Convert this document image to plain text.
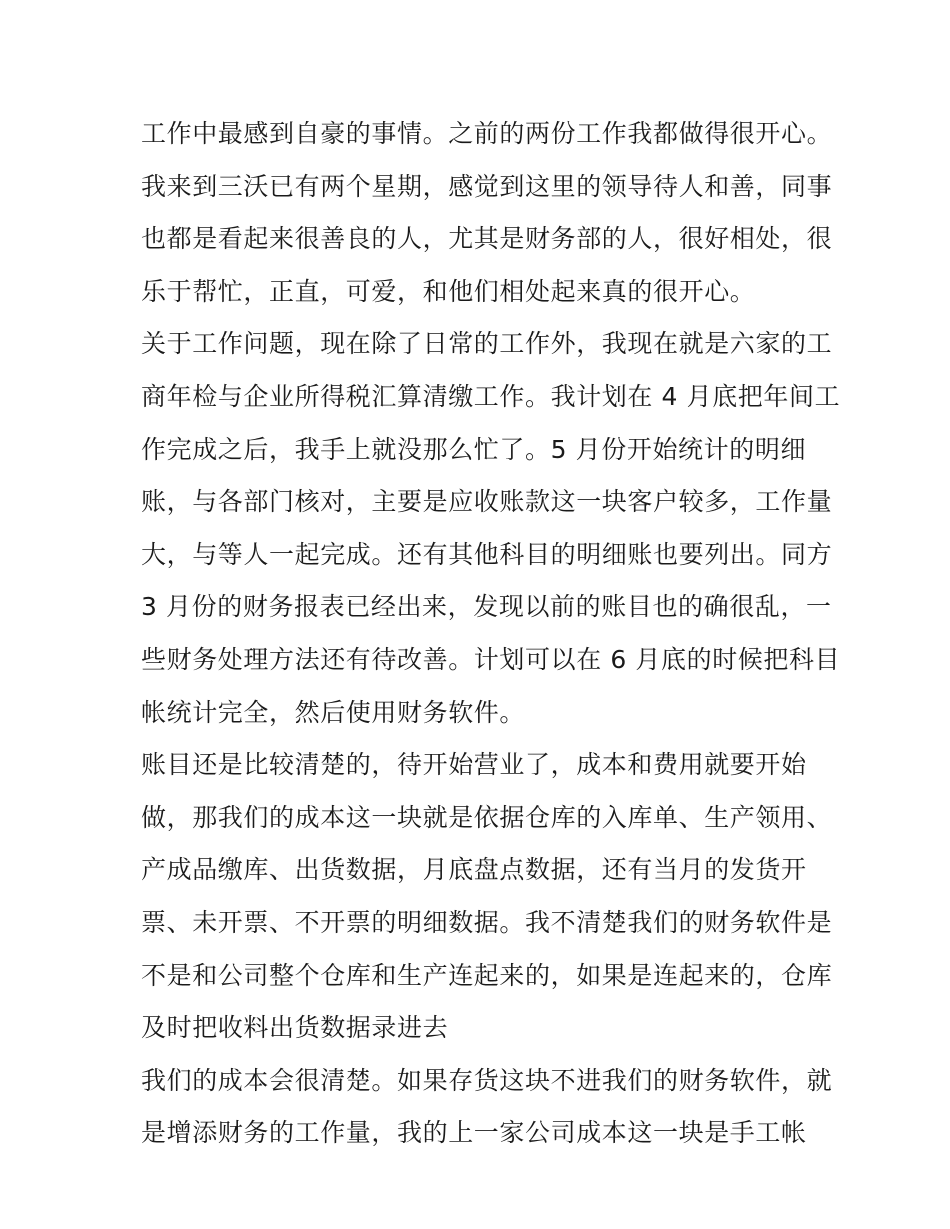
工作中最感到自豪的事情。之前的两份工作我都做得很开心。
我来到三沃已有两个星期，感觉到这里的领导待人和善，同事
也都是看起来很善良的人，尤其是财务部的人，很好相处，很
乐于帮忙，正直，可爱，和他们相处起来真的很开心。
关于工作问题，现在除了日常的工作外，我现在就是六家的工
商年检与企业所得税汇算清缴工作。我计划在 4 月底把年间工
作完成之后，我手上就没那么忙了。5 月份开始统计的明细
账，与各部门核对，主要是应收账款这一块客户较多，工作量
大，与等人一起完成。还有其他科目的明细账也要列出。同方
3 月份的财务报表已经出来，发现以前的账目也的确很乱，一
些财务处理方法还有待改善。计划可以在 6 月底的时候把科目
帐统计完全，然后使用财务软件。
账目还是比较清楚的，待开始营业了，成本和费用就要开始
做，那我们的成本这一块就是依据仓库的入库单、生产领用、
产成品缴库、出货数据，月底盘点数据，还有当月的发货开
票、未开票、不开票的明细数据。我不清楚我们的财务软件是
不是和公司整个仓库和生产连起来的，如果是连起来的，仓库
及时把收料出货数据录进去
我们的成本会很清楚。如果存货这块不进我们的财务软件，就
是增添财务的工作量，我的上一家公司成本这一块是手工帐
